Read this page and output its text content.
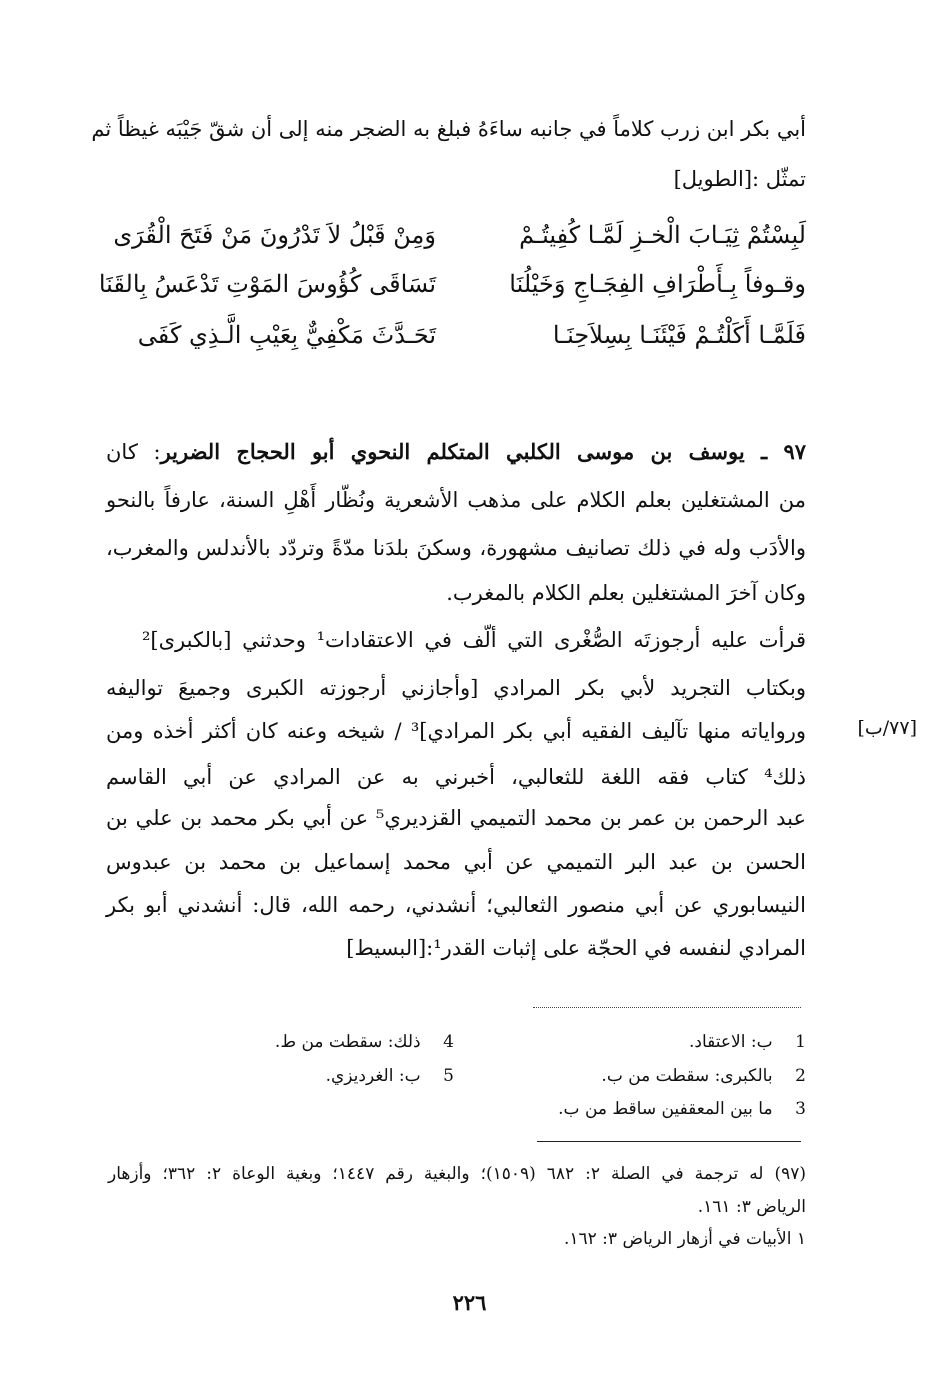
أبي بكر ابن زرب كلاماً في جانبه ساءَهُ فبلغ به الضجر منه إلى أن شقّ جَيْبَه غيظاً ثم
تمثّل :[الطويل]
لَبِسْتُمْ ثِيَـابَ الْخـزِ لَمَّـا كُفِيتُـمْ
وَمِنْ قَبْلُ لاَ تَدْرُونَ مَنْ فَتَحَ الْقُرَى
وقـوفاً بِـأَطْرَافِ الفِجَـاجِ وَخَيْلُنَا
تَسَاقَى كُؤُوسَ المَوْتِ تَدْعَسُ بِالقَنَا
فَلَمَّـا أَكَلْتُـمْ فَيْئَنَـا بِسِلاَحِنَـا
تَحَـدَّثَ مَكْفِيٌّ بِعَيْبِ الَّـذِي كَفَى
٩٧ ـ يوسف بن موسى الكلبي المتكلم النحوي أبو الحجاج الضرير: كان
من المشتغلين بعلم الكلام على مذهب الأشعرية ونُظّار أَهْلِ السنة، عارفاً بالنحو
والأدَب وله في ذلك تصانيف مشهورة، وسكنَ بلدَنا مدّةً وتردّد بالأندلس والمغرب،
وكان آخرَ المشتغلين بعلم الكلام بالمغرب.
قرأت عليه أرجوزتَه الصُّغْرى التي ألّف في الاعتقادات¹ وحدثني [بالكبرى]²
وبكتاب التجريد لأبي بكر المرادي [وأجازني أرجوزته الكبرى وجميعَ تواليفه
ورواياته منها تآليف الفقيه أبي بكر المرادي]³ / شيخه وعنه كان أكثر أخذه ومن
ذلك⁴ كتاب فقه اللغة للثعالبي، أخبرني به عن المرادي عن أبي القاسم
عبد الرحمن بن عمر بن محمد التميمي القزديري⁵ عن أبي بكر محمد بن علي بن
الحسن بن عبد البر التميمي عن أبي محمد إسماعيل بن محمد بن عبدوس
النيسابوري عن أبي منصور الثعالبي؛ أنشدني، رحمه الله، قال: أنشدني أبو بكر
المرادي لنفسه في الحجّة على إثبات القدر¹:[البسيط]
[٧٧/ب]
1 ب: الاعتقاد.
2 بالكبرى: سقطت من ب.
3 ما بين المعقفين ساقط من ب.
4 ذلك: سقطت من ط.
5 ب: الغرديزي.
(٩٧) له ترجمة في الصلة ٢: ٦٨٢ (١٥٠٩)؛ والبغية رقم ١٤٤٧؛ وبغية الوعاة ٢: ٣٦٢؛ وأزهار
الرياض ٣: ١٦١.
١ الأبيات في أزهار الرياض ٣: ١٦٢.
٢٢٦
